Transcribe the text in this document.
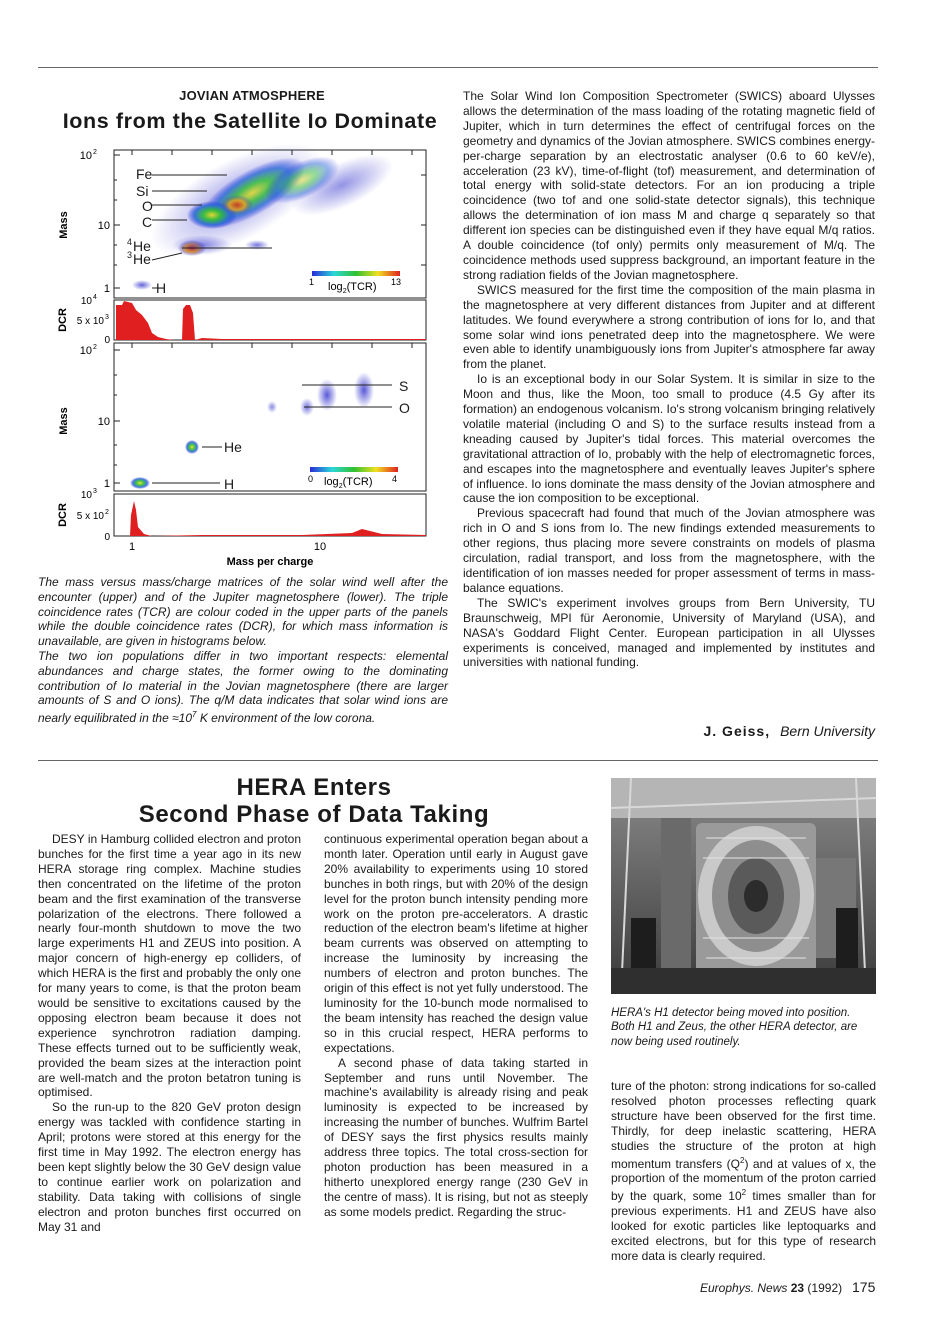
JOVIAN ATMOSPHERE
Ions from the Satellite Io Dominate
Fe
Si
O
C
4 He
3 He
H	1	13
$\log_2(TCR)$
10 2
10
1
Mass
10 4
5 x 10 3
0
DCR
S
O
He
H	0	4
$\log_2(TCR)$
10 2
10
1
Mass
10 3
5 x 10 2
0
DCR
1	10
Mass per charge
The mass versus mass/charge matrices of the solar wind well after the encounter (upper) and of the Jupiter magnetosphere (lower). The triple coincidence rates (TCR) are colour coded in the upper parts of the panels while the double coincidence rates (DCR), for which mass information is unavailable, are given in histograms below.
The two ion populations differ in two important respects: elemental abundances and charge states, the former owing to the dominating contribution of Io material in the Jovian magnetosphere (there are larger amounts of S and O ions). The q/M data indicates that solar wind ions are nearly equilibrated in the $\approx 10^7$ K environment of the low corona.

The Solar Wind Ion Composition Spectrometer (SWICS) aboard Ulysses allows the determination of the mass loading of the rotating magnetic field of Jupiter, which in turn determines the effect of centrifugal forces on the geometry and dynamics of the Jovian atmosphere. SWICS combines energy-per-charge separation by an electrostatic analyser (0.6 to 60 keV/e), acceleration (23 kV), time-of-flight (tof) measurement, and determination of total energy with solid-state detectors. For an ion producing a triple coincidence (two tof and one solid-state detector signals), this technique allows the determination of ion mass M and charge q separately so that different ion species can be distinguished even if they have equal M/q ratios. A double coincidence (tof only) permits only measurement of M/q. The coincidence methods used suppress background, an important feature in the strong radiation fields of the Jovian magnetosphere.

SWICS measured for the first time the composition of the main plasma in the magnetosphere at very different distances from Jupiter and at different latitudes. We found everywhere a strong contribution of ions for Io, and that some solar wind ions penetrated deep into the magnetosphere. We were even able to identify unambiguously ions from Jupiter's atmosphere far away from the planet.

Io is an exceptional body in our Solar System. It is similar in size to the Moon and thus, like the Moon, too small to produce (4.5 Gy after its formation) an endogenous volcanism. Io's strong volcanism bringing relatively volatile material (including O and S) to the surface results instead from a kneading caused by Jupiter's tidal forces. This material overcomes the gravitational attraction of Io, probably with the help of electromagnetic forces, and escapes into the magnetosphere and eventually leaves Jupiter's sphere of influence. Io ions dominate the mass density of the Jovian atmosphere and cause the ion composition to be exceptional.

Previous spacecraft had found that much of the Jovian atmosphere was rich in O and S ions from Io. The new findings extended measurements to other regions, thus placing more severe constraints on models of plasma circulation, radial transport, and loss from the magnetosphere, with the identification of ion masses needed for proper assessment of terms in mass-balance equations.

The SWIC's experiment involves groups from Bern University, TU Braunschweig, MPI für Aeronomie, University of Maryland (USA), and NASA's Goddard Flight Center. European participation in all Ulysses experiments is conceived, managed and implemented by institutes and universities with national funding.

J. Geiss, Bern University
HERA Enters
Second Phase of Data Taking

DESY in Hamburg collided electron and proton bunches for the first time a year ago in its new HERA storage ring complex. Machine studies then concentrated on the lifetime of the proton beam and the first examination of the transverse polarization of the electrons. There followed a nearly four-month shutdown to move the two large experiments H1 and ZEUS into position. A major concern of high-energy ep colliders, of which HERA is the first and probably the only one for many years to come, is that the proton beam would be sensitive to excitations caused by the opposing electron beam because it does not experience synchrotron radiation damping. These effects turned out to be sufficiently weak, provided the beam sizes at the interaction point are well-match and the proton betatron tuning is optimised.

So the run-up to the 820 GeV proton design energy was tackled with confidence starting in April; protons were stored at this energy for the first time in May 1992. The electron energy has been kept slightly below the 30 GeV design value to continue earlier work on polarization and stability. Data taking with collisions of single electron and proton bunches first occurred on May 31 and

continuous experimental operation began about a month later. Operation until early in August gave 20% availability to experiments using 10 stored bunches in both rings, but with 20% of the design level for the proton bunch intensity pending more work on the proton pre-accelerators. A drastic reduction of the electron beam's lifetime at higher beam currents was observed on attempting to increase the luminosity by increasing the numbers of electron and proton bunches. The origin of this effect is not yet fully understood. The luminosity for the 10-bunch mode normalised to the beam intensity has reached the design value so in this crucial respect, HERA performs to expectations.

A second phase of data taking started in September and runs until November. The machine's availability is already rising and peak luminosity is expected to be increased by increasing the number of bunches. Wulfrim Bartel of DESY says the first physics results mainly address three topics. The total cross-section for photon production has been measured in a hitherto unexplored energy range (230 GeV in the centre of mass). It is rising, but not as steeply as some models predict. Regarding the struc-

HERA's H1 detector being moved into position. Both H1 and Zeus, the other HERA detector, are now being used routinely.

ture of the photon: strong indications for so-called resolved photon processes reflecting quark structure have been observed for the first time. Thirdly, for deep inelastic scattering, HERA studies the structure of the proton at high momentum transfers $(Q^2)$ and at values of x, the proportion of the momentum of the proton carried by the quark, some $10^2$ times smaller than for previous experiments. H1 and ZEUS have also looked for exotic particles like leptoquarks and excited electrons, but for this type of research more data is clearly required.

Europhys. News 23 (1992) 175
